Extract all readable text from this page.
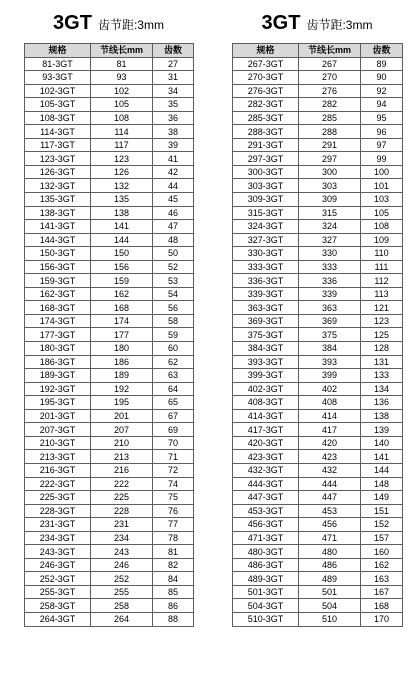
3GT 齿节距:3mm
规格	节线长mm	齿数
81-3GT	81	27
93-3GT	93	31
102-3GT	102	34
105-3GT	105	35
108-3GT	108	36
114-3GT	114	38
117-3GT	117	39
123-3GT	123	41
126-3GT	126	42
132-3GT	132	44
135-3GT	135	45
138-3GT	138	46
141-3GT	141	47
144-3GT	144	48
150-3GT	150	50
156-3GT	156	52
159-3GT	159	53
162-3GT	162	54
168-3GT	168	56
174-3GT	174	58
177-3GT	177	59
180-3GT	180	60
186-3GT	186	62
189-3GT	189	63
192-3GT	192	64
195-3GT	195	65
201-3GT	201	67
207-3GT	207	69
210-3GT	210	70
213-3GT	213	71
216-3GT	216	72
222-3GT	222	74
225-3GT	225	75
228-3GT	228	76
231-3GT	231	77
234-3GT	234	78
243-3GT	243	81
246-3GT	246	82
252-3GT	252	84
255-3GT	255	85
258-3GT	258	86
264-3GT	264	88
3GT 齿节距:3mm
规格	节线长mm	齿数
267-3GT	267	89
270-3GT	270	90
276-3GT	276	92
282-3GT	282	94
285-3GT	285	95
288-3GT	288	96
291-3GT	291	97
297-3GT	297	99
300-3GT	300	100
303-3GT	303	101
309-3GT	309	103
315-3GT	315	105
324-3GT	324	108
327-3GT	327	109
330-3GT	330	110
333-3GT	333	111
336-3GT	336	112
339-3GT	339	113
363-3GT	363	121
369-3GT	369	123
375-3GT	375	125
384-3GT	384	128
393-3GT	393	131
399-3GT	399	133
402-3GT	402	134
408-3GT	408	136
414-3GT	414	138
417-3GT	417	139
420-3GT	420	140
423-3GT	423	141
432-3GT	432	144
444-3GT	444	148
447-3GT	447	149
453-3GT	453	151
456-3GT	456	152
471-3GT	471	157
480-3GT	480	160
486-3GT	486	162
489-3GT	489	163
501-3GT	501	167
504-3GT	504	168
510-3GT	510	170
